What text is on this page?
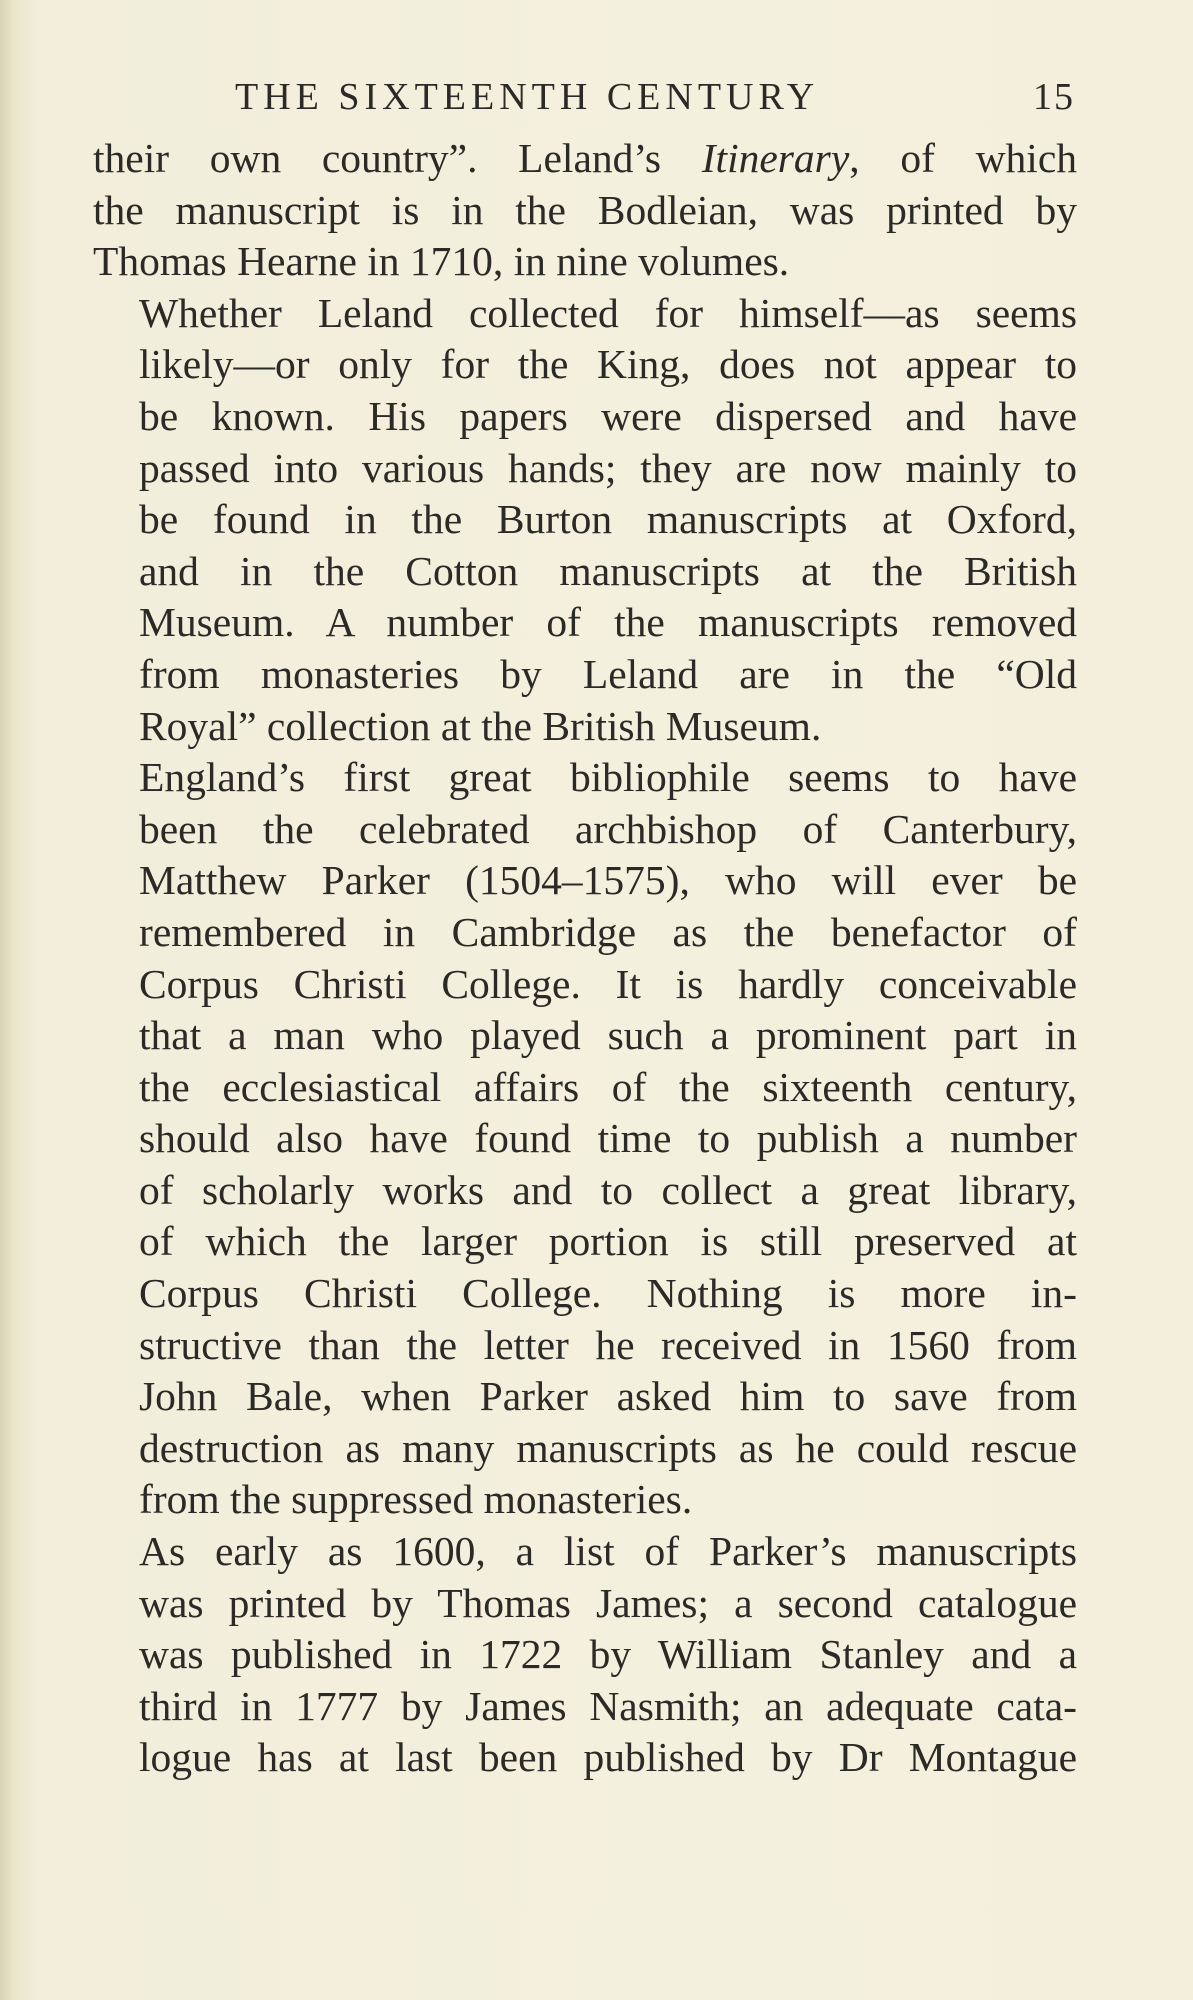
THE SIXTEENTH CENTURY	15

their own country”. Leland’s Itinerary, of which
the manuscript is in the Bodleian, was printed by
Thomas Hearne in 1710, in nine volumes.

Whether Leland collected for himself—as seems
likely—or only for the King, does not appear to
be known. His papers were dispersed and have
passed into various hands; they are now mainly to
be found in the Burton manuscripts at Oxford,
and in the Cotton manuscripts at the British
Museum. A number of the manuscripts removed
from monasteries by Leland are in the “Old
Royal” collection at the British Museum.

England’s first great bibliophile seems to have
been the celebrated archbishop of Canterbury,
Matthew Parker (1504–1575), who will ever be
remembered in Cambridge as the benefactor of
Corpus Christi College. It is hardly conceivable
that a man who played such a prominent part in
the ecclesiastical affairs of the sixteenth century,
should also have found time to publish a number
of scholarly works and to collect a great library,
of which the larger portion is still preserved at
Corpus Christi College. Nothing is more in-
structive than the letter he received in 1560 from
John Bale, when Parker asked him to save from
destruction as many manuscripts as he could rescue
from the suppressed monasteries.

As early as 1600, a list of Parker’s manuscripts
was printed by Thomas James; a second catalogue
was published in 1722 by William Stanley and a
third in 1777 by James Nasmith; an adequate cata-
logue has at last been published by Dr Montague
